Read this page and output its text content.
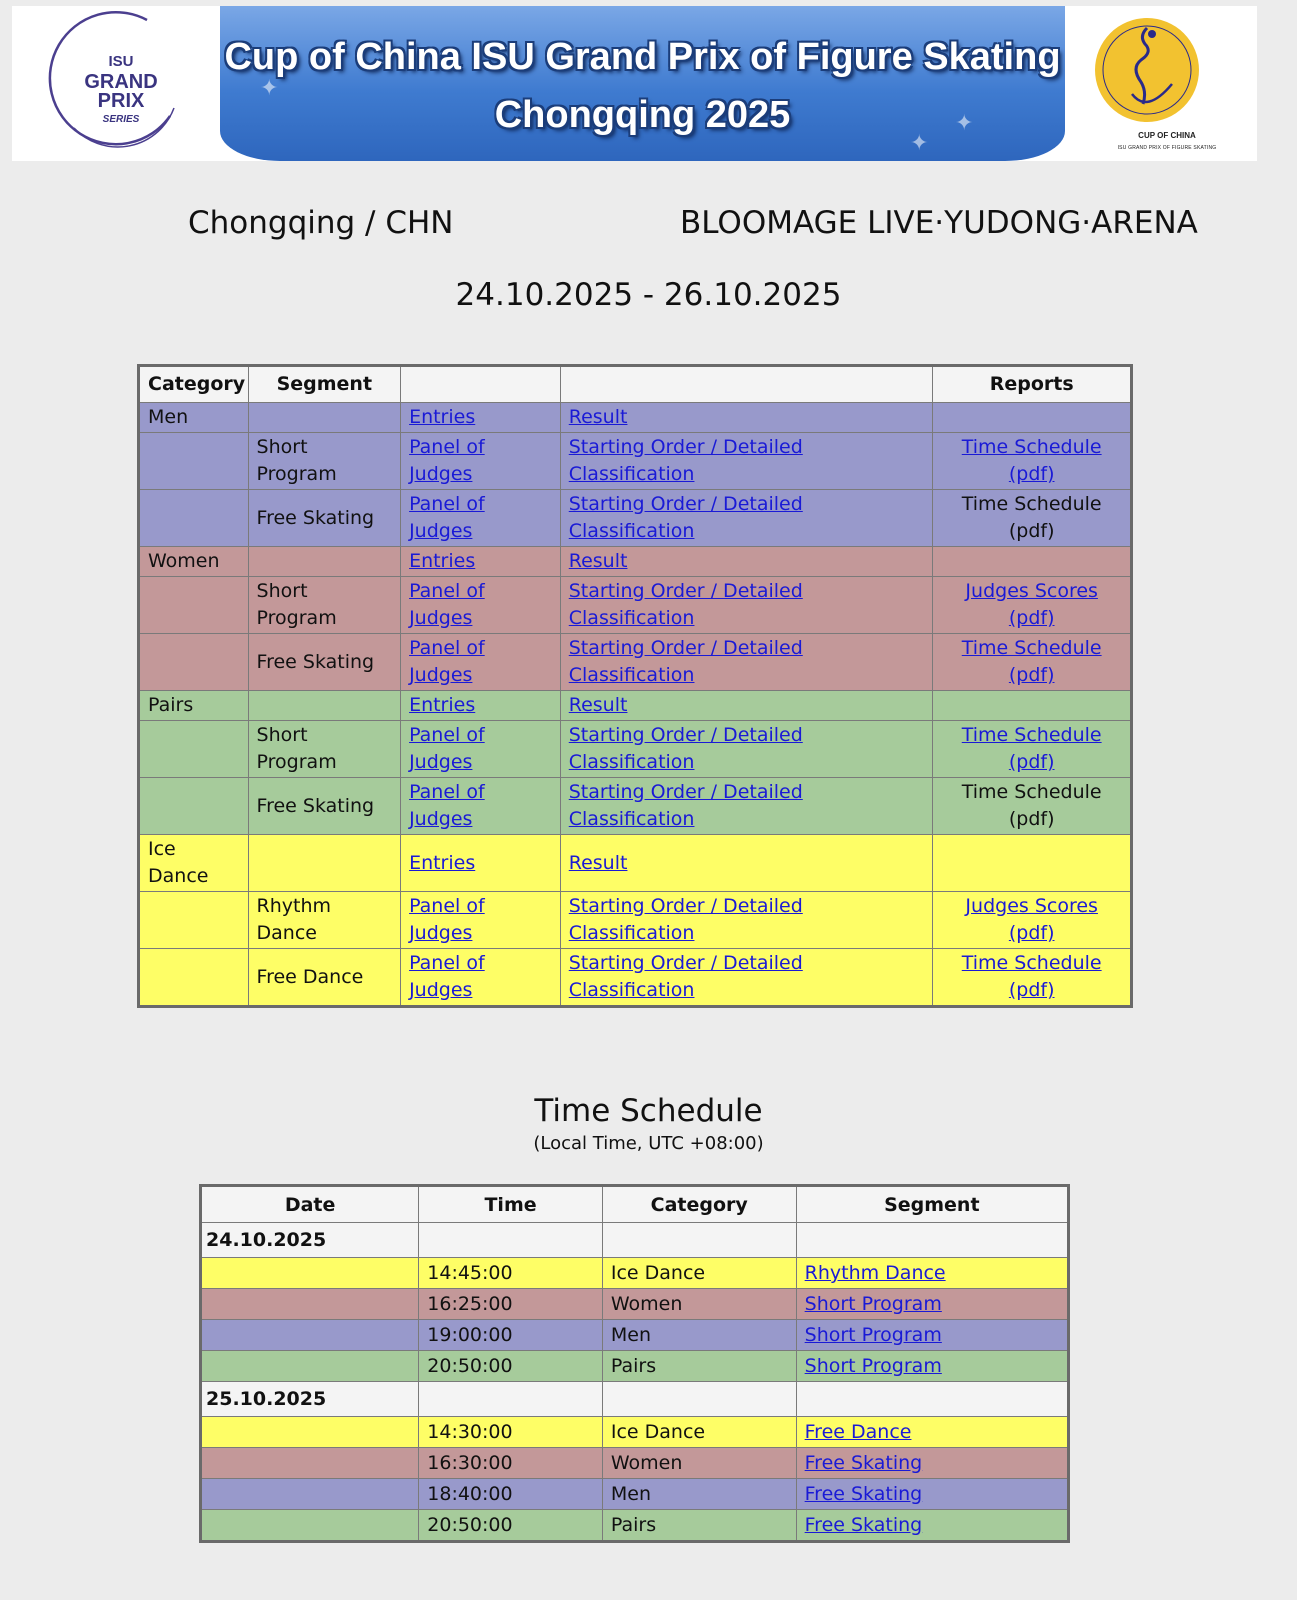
ISU
GRAND
PRIX
SERIES
✦
✦
✦
Cup of China ISU Grand Prix of Figure Skating
Chongqing 2025	CUP OF CHINA
ISU GRAND PRIX OF FIGURE SKATING
Chongqing / CHN	BLOOMAGE LIVE·YUDONG·ARENA
24.10.2025 - 26.10.2025
Category	Segment			Reports
Men		Entries	Result	
	Short Program	Panel of Judges	Starting Order / Detailed Classification	Time Schedule (pdf)
	Free Skating	Panel of Judges	Starting Order / Detailed Classification	Time Schedule (pdf)
Women		Entries	Result	
	Short Program	Panel of Judges	Starting Order / Detailed Classification	Judges Scores (pdf)
	Free Skating	Panel of Judges	Starting Order / Detailed Classification	Time Schedule (pdf)
Pairs		Entries	Result	
	Short Program	Panel of Judges	Starting Order / Detailed Classification	Time Schedule (pdf)
	Free Skating	Panel of Judges	Starting Order / Detailed Classification	Time Schedule (pdf)
Ice Dance		Entries	Result	
	Rhythm Dance	Panel of Judges	Starting Order / Detailed Classification	Judges Scores (pdf)
	Free Dance	Panel of Judges	Starting Order / Detailed Classification	Time Schedule (pdf)
Time Schedule
(Local Time, UTC +08:00)
Date	Time	Category	Segment
24.10.2025			
	14:45:00	Ice Dance	Rhythm Dance
	16:25:00	Women	Short Program
	19:00:00	Men	Short Program
	20:50:00	Pairs	Short Program
25.10.2025			
	14:30:00	Ice Dance	Free Dance
	16:30:00	Women	Free Skating
	18:40:00	Men	Free Skating
	20:50:00	Pairs	Free Skating
